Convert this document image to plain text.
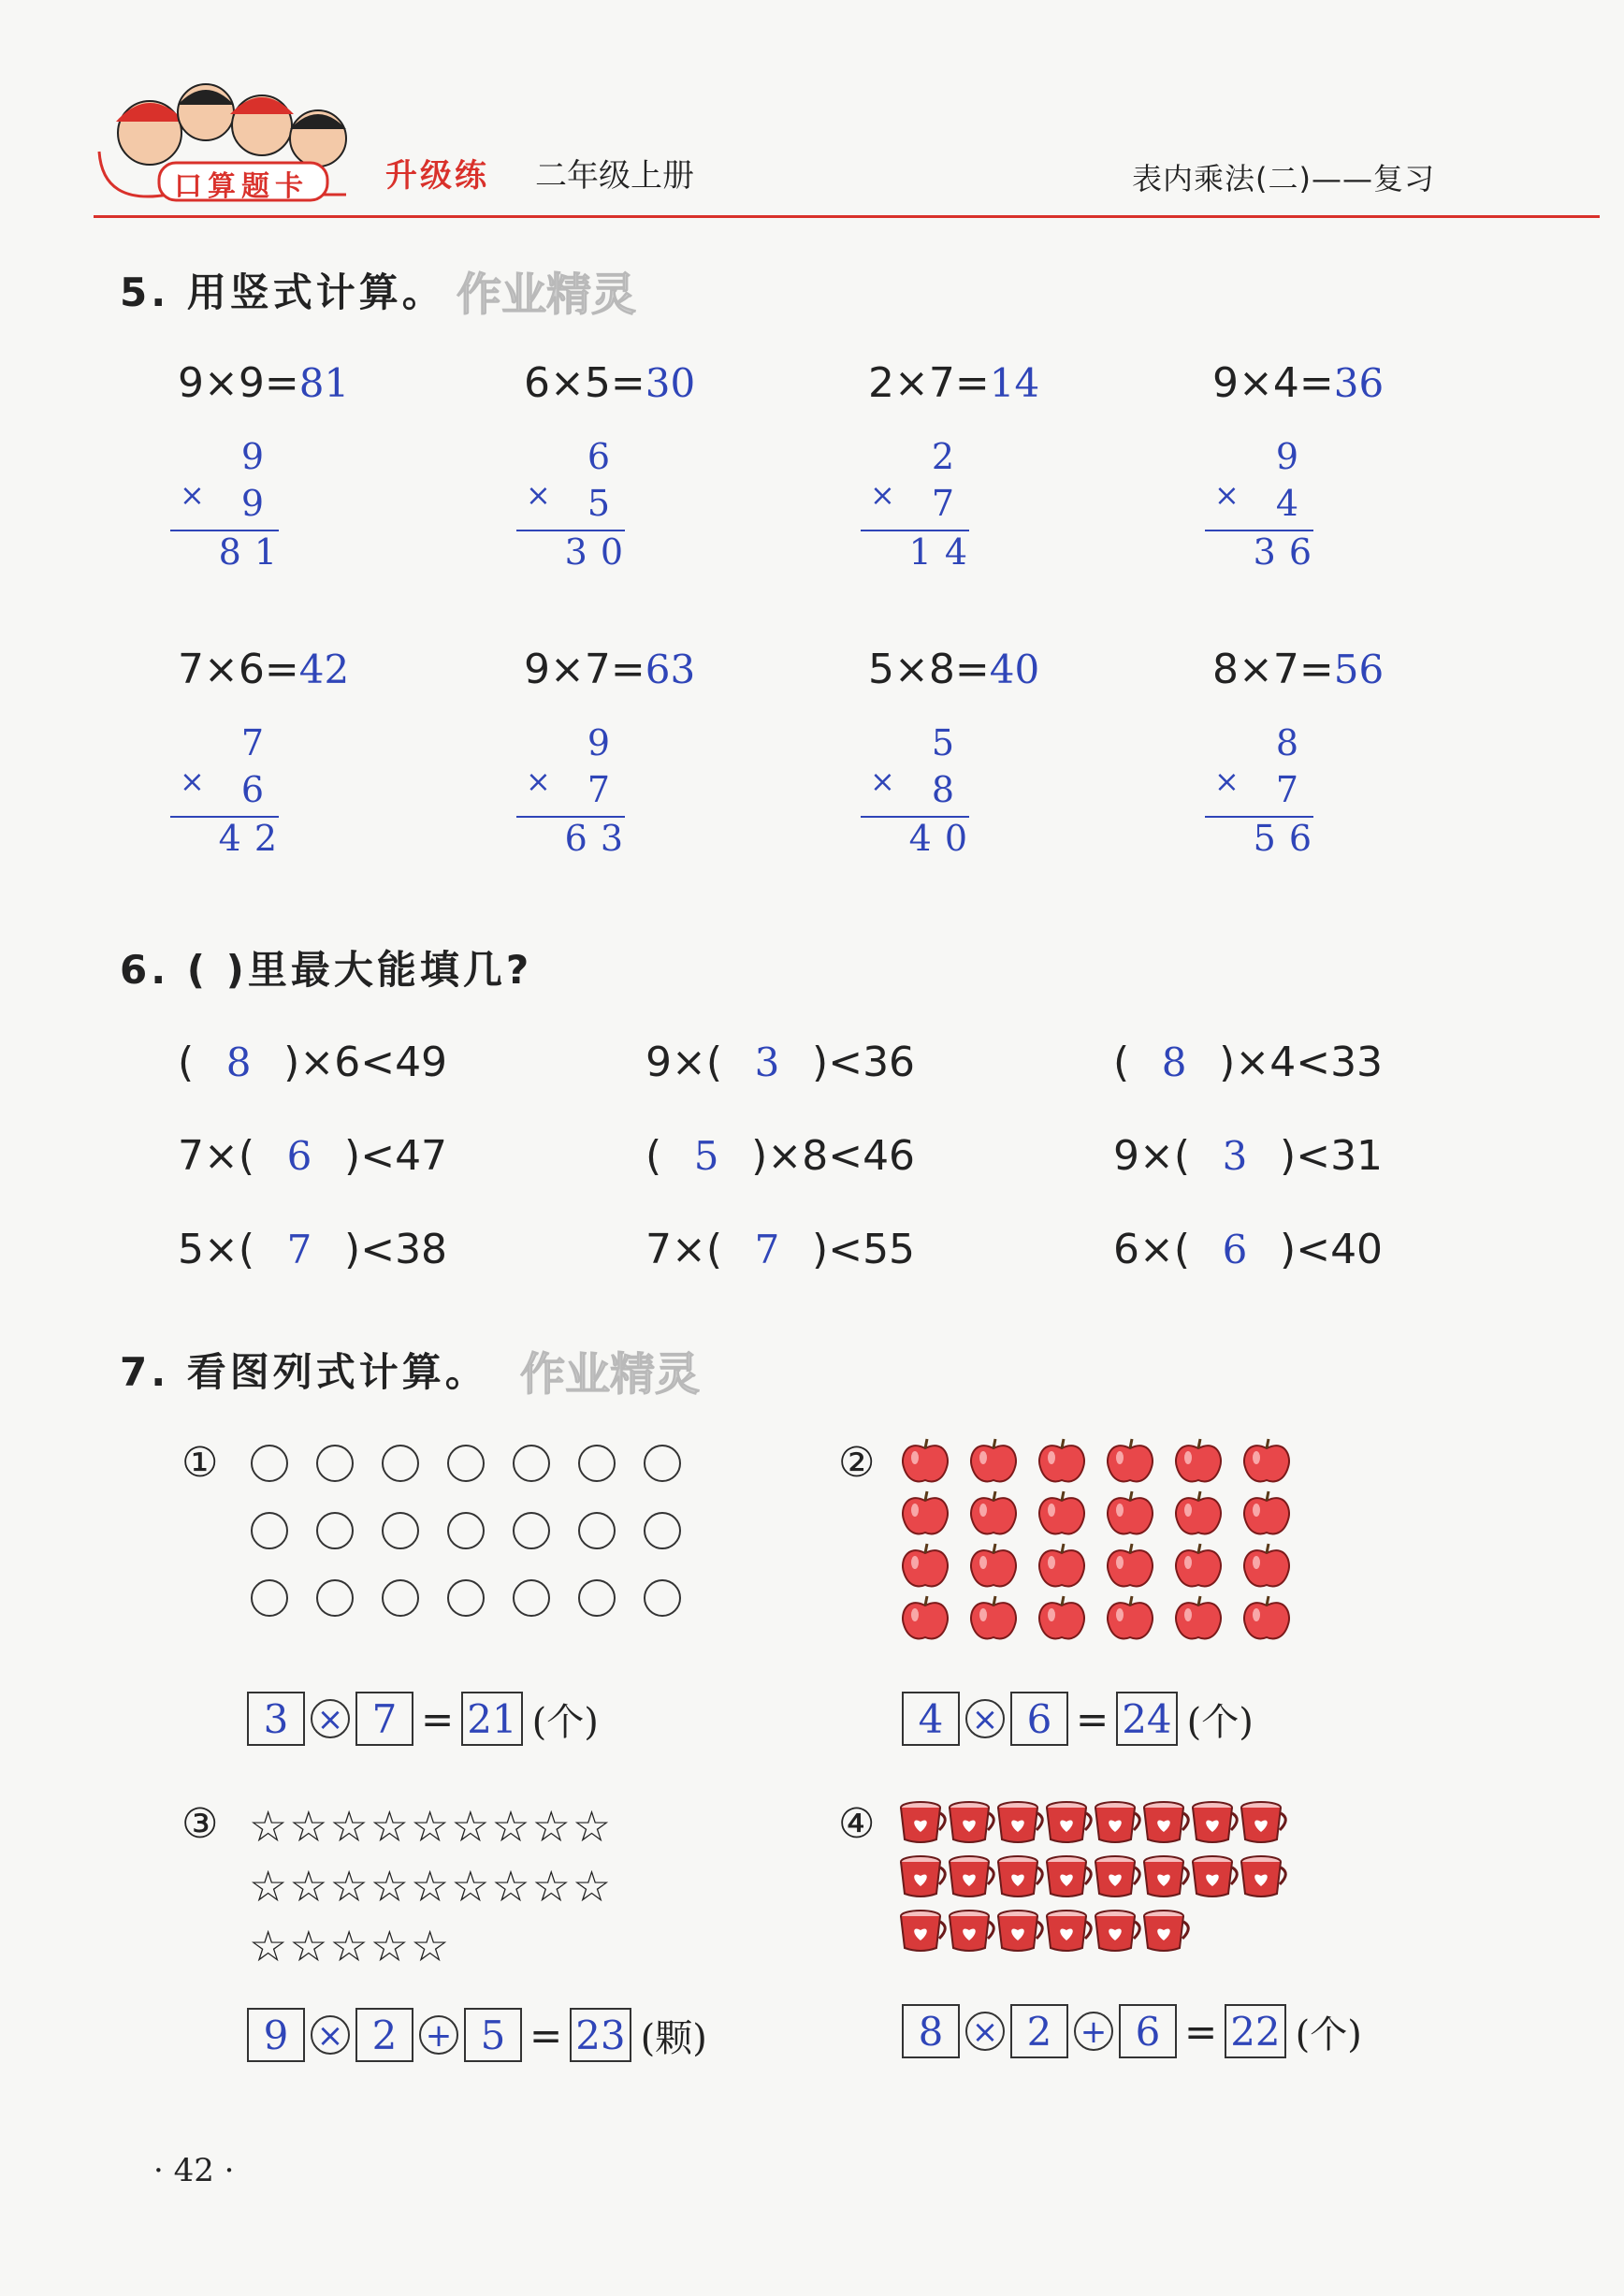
口算题卡 升级练 二年级上册	表内乘法(二)——复习
5. 用竖式计算。 作业精灵
9×9=81
9
× 9
81
6×5=30
6
× 5
30
2×7=14
2
× 7
14
9×4=36
9
× 4
36
7×6=42
7
× 6
42
9×7=63
9
× 7
63
5×8=40
5
× 8
40
8×7=56
8
× 7
56
6. ( )里最大能填几?
( 8 )×6<49	9×( 3 )<36	( 8 )×4<33
7×( 6 )<47	( 5 )×8<46	9×( 3 )<31
5×( 7 )<38	7×( 7 )<55	6×( 6 )<40
7. 看图列式计算。 作业精灵
①
3 × 7 = 21 (个)
②
4 × 6 = 24 (个)
③ ☆☆☆☆☆☆☆☆☆
☆☆☆☆☆☆☆☆☆
☆☆☆☆☆
9 × 2 + 5 = 23 (颗)
④
8 × 2 + 6 = 22 (个)
· 42 ·
